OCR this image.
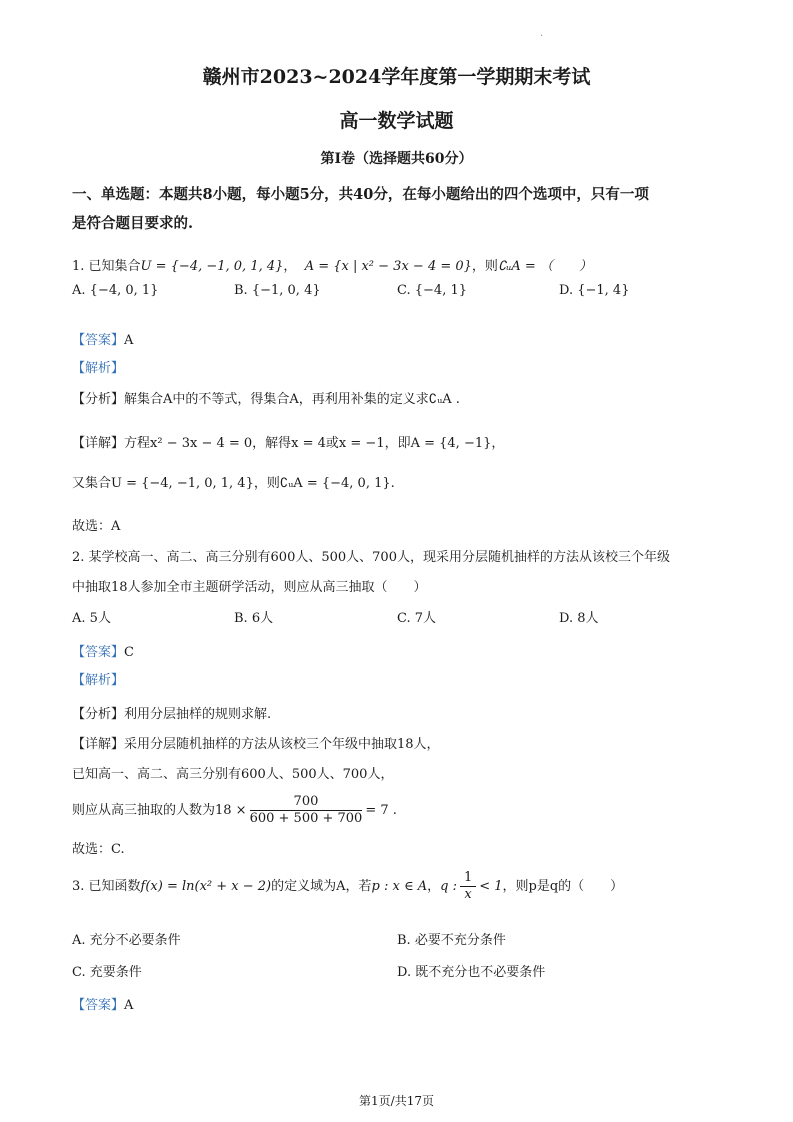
.
赣州市2023~2024学年度第一学期期末考试
高一数学试题
第Ⅰ卷（选择题共60分）
一、单选题：本题共8小题，每小题5分，共40分，在每小题给出的四个选项中，只有一项
是符合题目要求的.
1. 已知集合U = {−4, −1, 0, 1, 4}， A = {x | x² − 3x − 4 = 0}，则∁ᵤA = （　　）
A. {−4, 0, 1}	B. {−1, 0, 4}	C. {−4, 1}	D. {−1, 4}
【答案】A
【解析】
【分析】解集合A中的不等式，得集合A，再利用补集的定义求∁ᵤA .
【详解】方程x² − 3x − 4 = 0，解得x = 4或x = −1，即A = {4, −1}，
又集合U = {−4, −1, 0, 1, 4}，则∁ᵤA = {−4, 0, 1}.
故选：A
2. 某学校高一、高二、高三分别有600人、500人、700人，现采用分层随机抽样的方法从该校三个年级
中抽取18人参加全市主题研学活动，则应从高三抽取（　　）
A. 5人	B. 6人	C. 7人	D. 8人
【答案】C
【解析】
【分析】利用分层抽样的规则求解.
【详解】采用分层随机抽样的方法从该校三个年级中抽取18人，
已知高一、高二、高三分别有600人、500人、700人，
则应从高三抽取的人数为$18 \times \frac{700}{600 + 500 + 700} = 7$ .
故选：C.
3. 已知函数f(x) = ln(x² + x − 2)的定义域为A，若p : x ∈ A，q : $\frac{1}{x} < 1$，则p是q的（　　）
A. 充分不必要条件	B. 必要不充分条件
C. 充要条件	D. 既不充分也不必要条件
【答案】A
第1页/共17页
